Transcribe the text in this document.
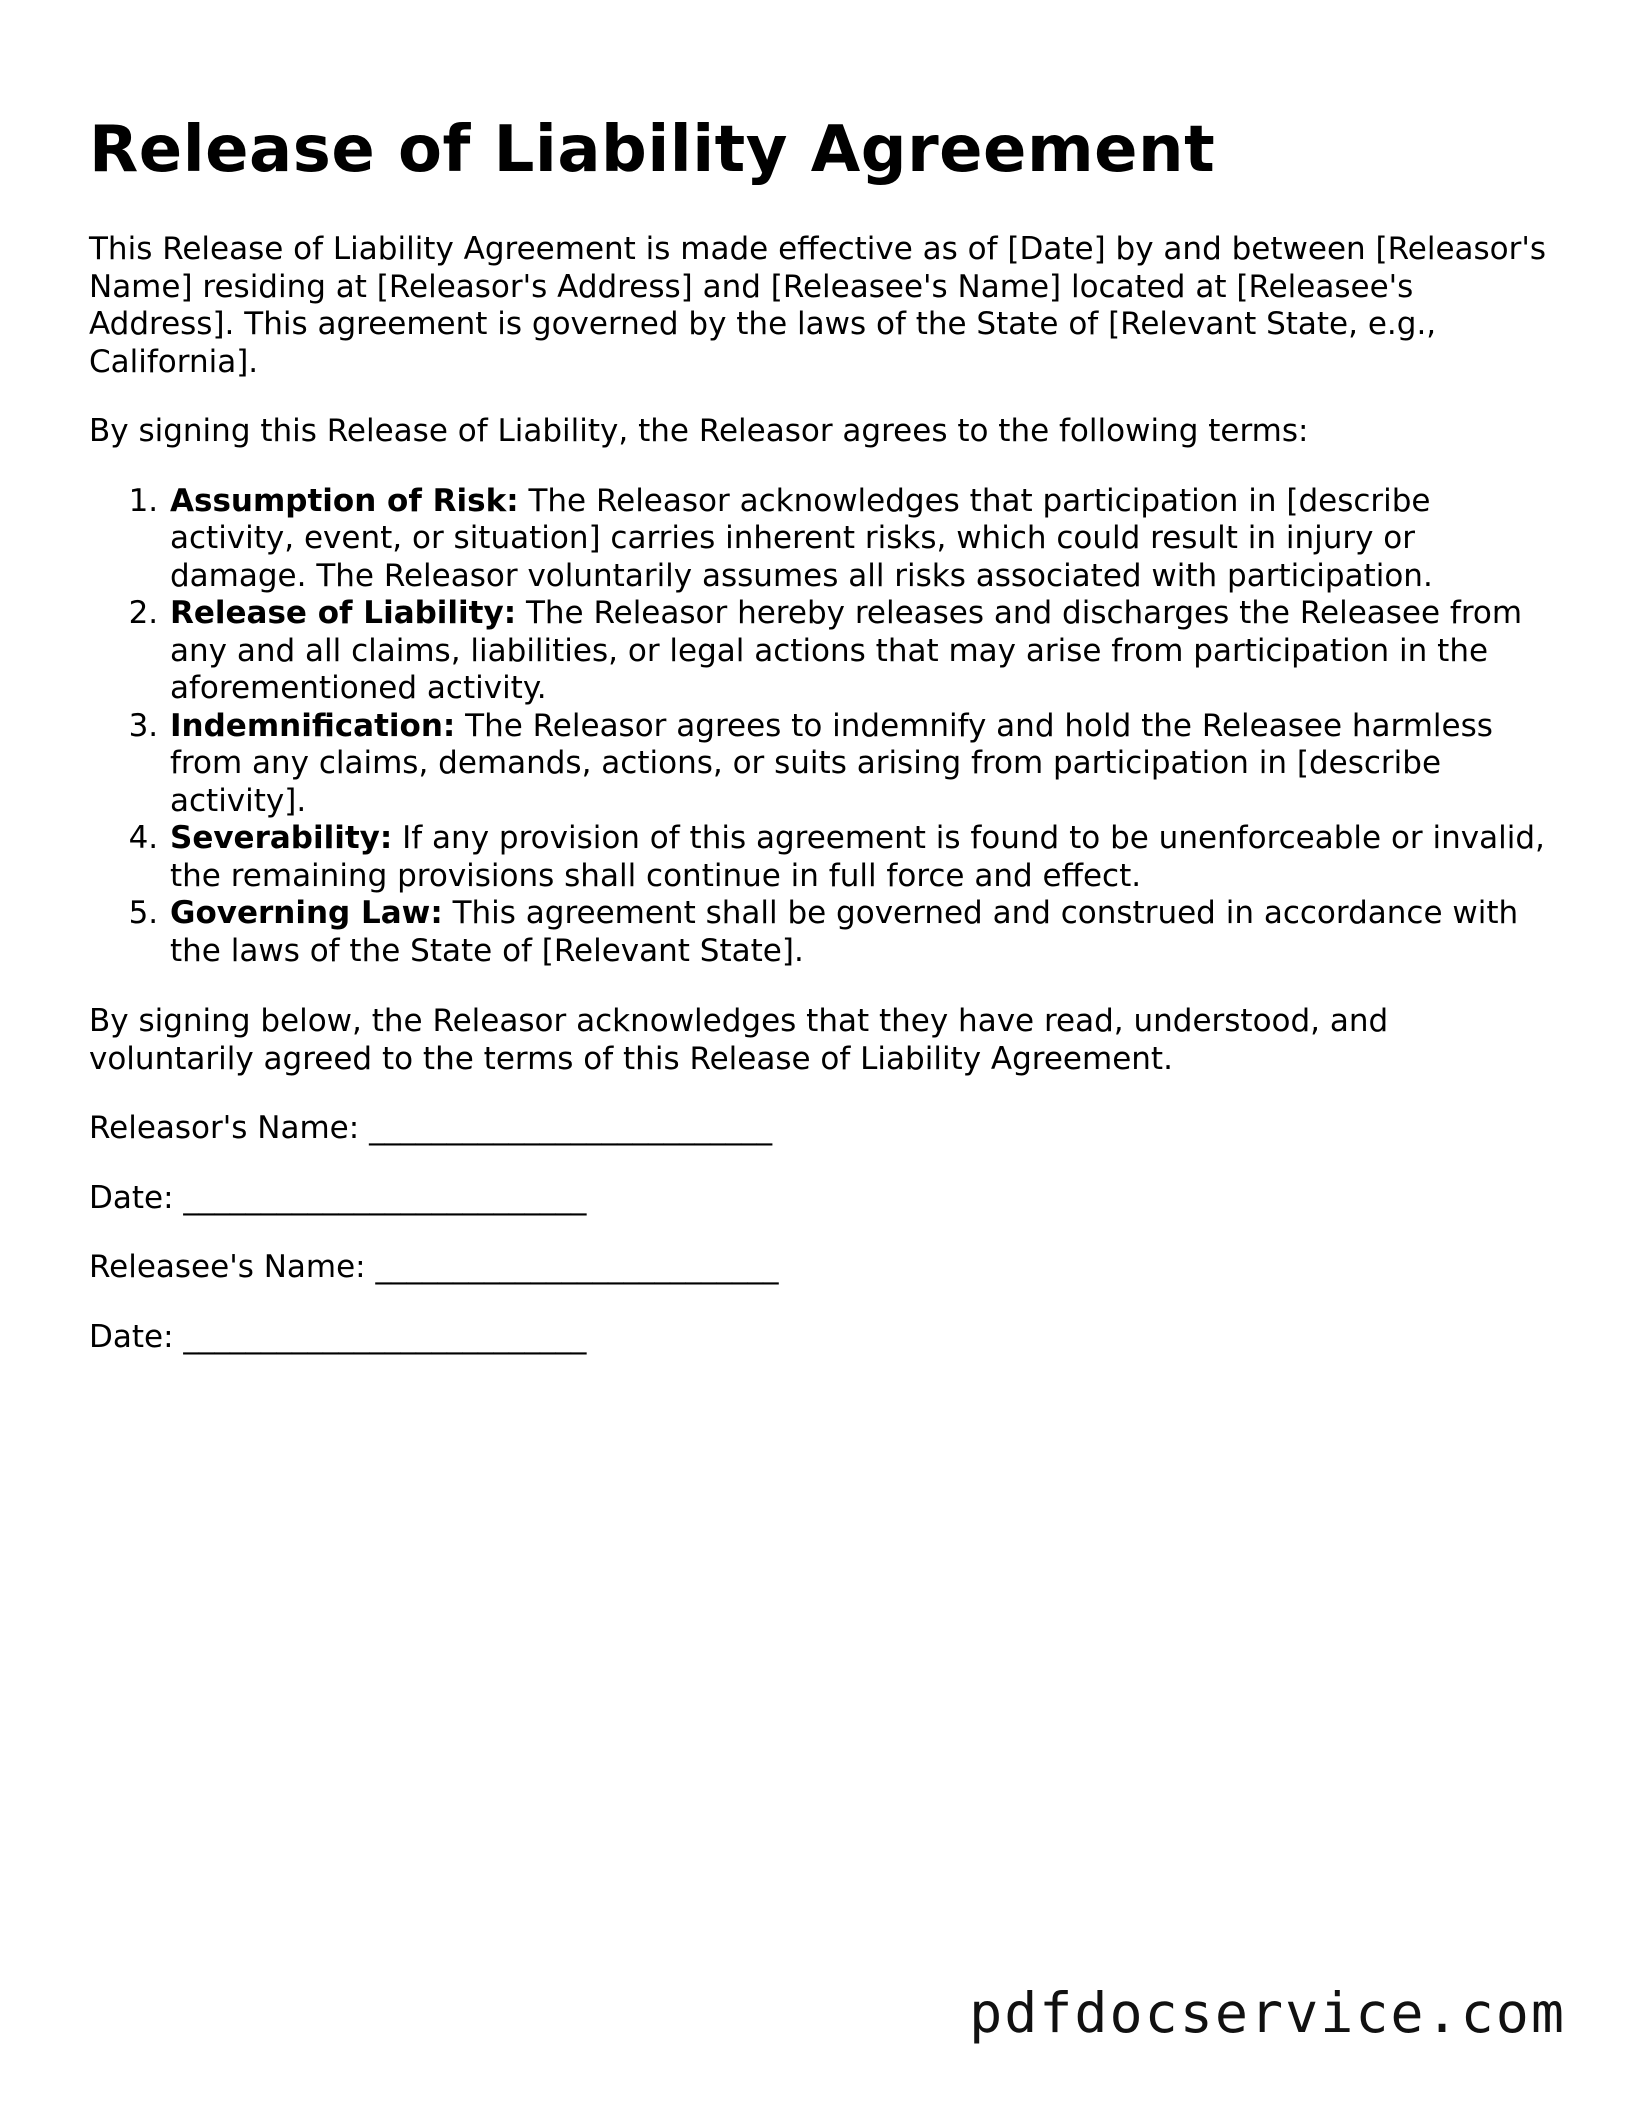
Release of Liability Agreement

This Release of Liability Agreement is made effective as of [Date] by and between [Releasor's Name] residing at [Releasor's Address] and [Releasee's Name] located at [Releasee's Address]. This agreement is governed by the laws of the State of [Relevant State, e.g., California].

By signing this Release of Liability, the Releasor agrees to the following terms:

1. Assumption of Risk: The Releasor acknowledges that participation in [describe activity, event, or situation] carries inherent risks, which could result in injury or damage. The Releasor voluntarily assumes all risks associated with participation.
2. Release of Liability: The Releasor hereby releases and discharges the Releasee from any and all claims, liabilities, or legal actions that may arise from participation in the aforementioned activity.
3. Indemnification: The Releasor agrees to indemnify and hold the Releasee harmless from any claims, demands, actions, or suits arising from participation in [describe activity].
4. Severability: If any provision of this agreement is found to be unenforceable or invalid, the remaining provisions shall continue in full force and effect.
5. Governing Law: This agreement shall be governed and construed in accordance with the laws of the State of [Relevant State].

By signing below, the Releasor acknowledges that they have read, understood, and voluntarily agreed to the terms of this Release of Liability Agreement.

Releasor's Name: __________________________
Date: __________________________
Releasee's Name: __________________________
Date: __________________________
pdfdocservice.com
